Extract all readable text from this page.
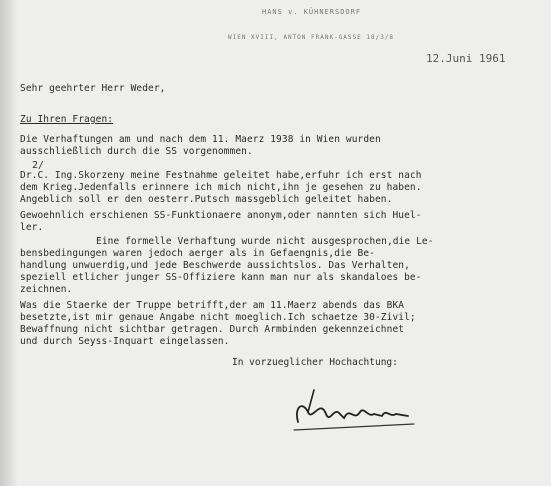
HANS v. KÜHNERSDORF
WIEN XVIII, ANTON FRANK-GASSE 18/3/8
12.Juni 1961
Sehr geehrter Herr Weder,
Zu Ihren Fragen:
Die Verhaftungen am und nach dem 11. Maerz 1938 in Wien wurden
ausschließlich durch die SS vorgenommen.
2/
Dr.C. Ing.Skorzeny meine Festnahme geleitet habe,erfuhr ich erst nach
dem Krieg.Jedenfalls erinnere ich mich nicht,ihn je gesehen zu haben.
Angeblich soll er den oesterr.Putsch massgeblich geleitet haben.
Gewoehnlich erschienen SS-Funktionaere anonym,oder nannten sich Huel-
ler.
Eine formelle Verhaftung wurde nicht ausgesprochen,die Le-
bensbedingungen waren jedoch aerger als in Gefaengnis,die Be-
handlung unwuerdig,und jede Beschwerde aussichtslos. Das Verhalten,
speziell etlicher junger SS-Offiziere kann man nur als skandaloes be-
zeichnen.
Was die Staerke der Truppe betrifft,der am 11.Maerz abends das BKA
besetzte,ist mir genaue Angabe nicht moeglich.Ich schaetze 30-Zivil;
Bewaffnung nicht sichtbar getragen. Durch Armbinden gekennzeichnet
und durch Seyss-Inquart eingelassen.
In vorzueglicher Hochachtung:
